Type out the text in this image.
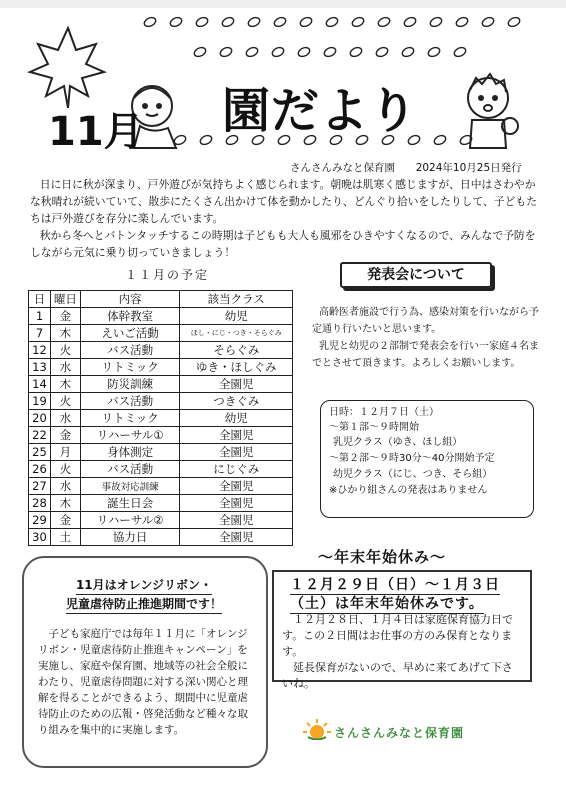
11月 園だより
さんさんみなと保育園 2024年10月25日発行

日に日に秋が深まり、戸外遊びが気持ちよく感じられます。朝晩は肌寒く感じますが、日中はさわやかな秋晴れが続いていて、散歩にたくさん出かけて体を動かしたり、どんぐり拾いをしたりして、子どもたちは戸外遊びを存分に楽しんでいます。

秋から冬へとバトンタッチするこの時期は子どもも大人も風邪をひきやすくなるので、みんなで予防をしながら元気に乗り切っていきましょう！

１１月の予定
日	曜日	内容	該当クラス
1	金	体幹教室	幼児
7	木	えいご活動	ほし・にじ・つき・そらぐみ
12	火	バス活動	そらぐみ
13	水	リトミック	ゆき・ほしぐみ
14	木	防災訓練	全園児
19	火	バス活動	つきぐみ
20	水	リトミック	幼児
22	金	リハーサル①	全園児
25	月	身体測定	全園児
26	火	バス活動	にじぐみ
27	水	事故対応訓練	全園児
28	木	誕生日会	全園児
29	金	リハーサル②	全園児
30	土	協力日	全園児
発表会について

高齢医者施設で行う為、感染対策を行いながら予定通り行いたいと思います。

乳児と幼児の２部制で発表会を行い一家庭４名までとさせて頂きます。よろしくお願いします。

日時：１２月７日（土）
～第１部～９時開始
乳児クラス（ゆき、ほし組）
～第２部～９時30分～40分開始予定
幼児クラス（にじ、つき、そら組）
※ひかり組さんの発表はありません
11月はオレンジリボン・
児童虐待防止推進期間です！

子ども家庭庁では毎年１１月に「オレンジリボン・児童虐待防止推進キャンペーン」を実施し、家庭や保育園、地域等の社会全般にわたり、児童虐待問題に対する深い関心と理解を得ることができるよう、期間中に児童虐待防止のための広報・啓発活動など種々な取り組みを集中的に実施します。

～年末年始休み～
１２月２９日（日）～１月３日
（土）は年末年始休みです。

１２月２８日、１月４日は家庭保育協力日です。この２日間はお仕事の方のみ保育となります。

延長保育がないので、早めに来てあげて下さいね。

さんさんみなと保育園
